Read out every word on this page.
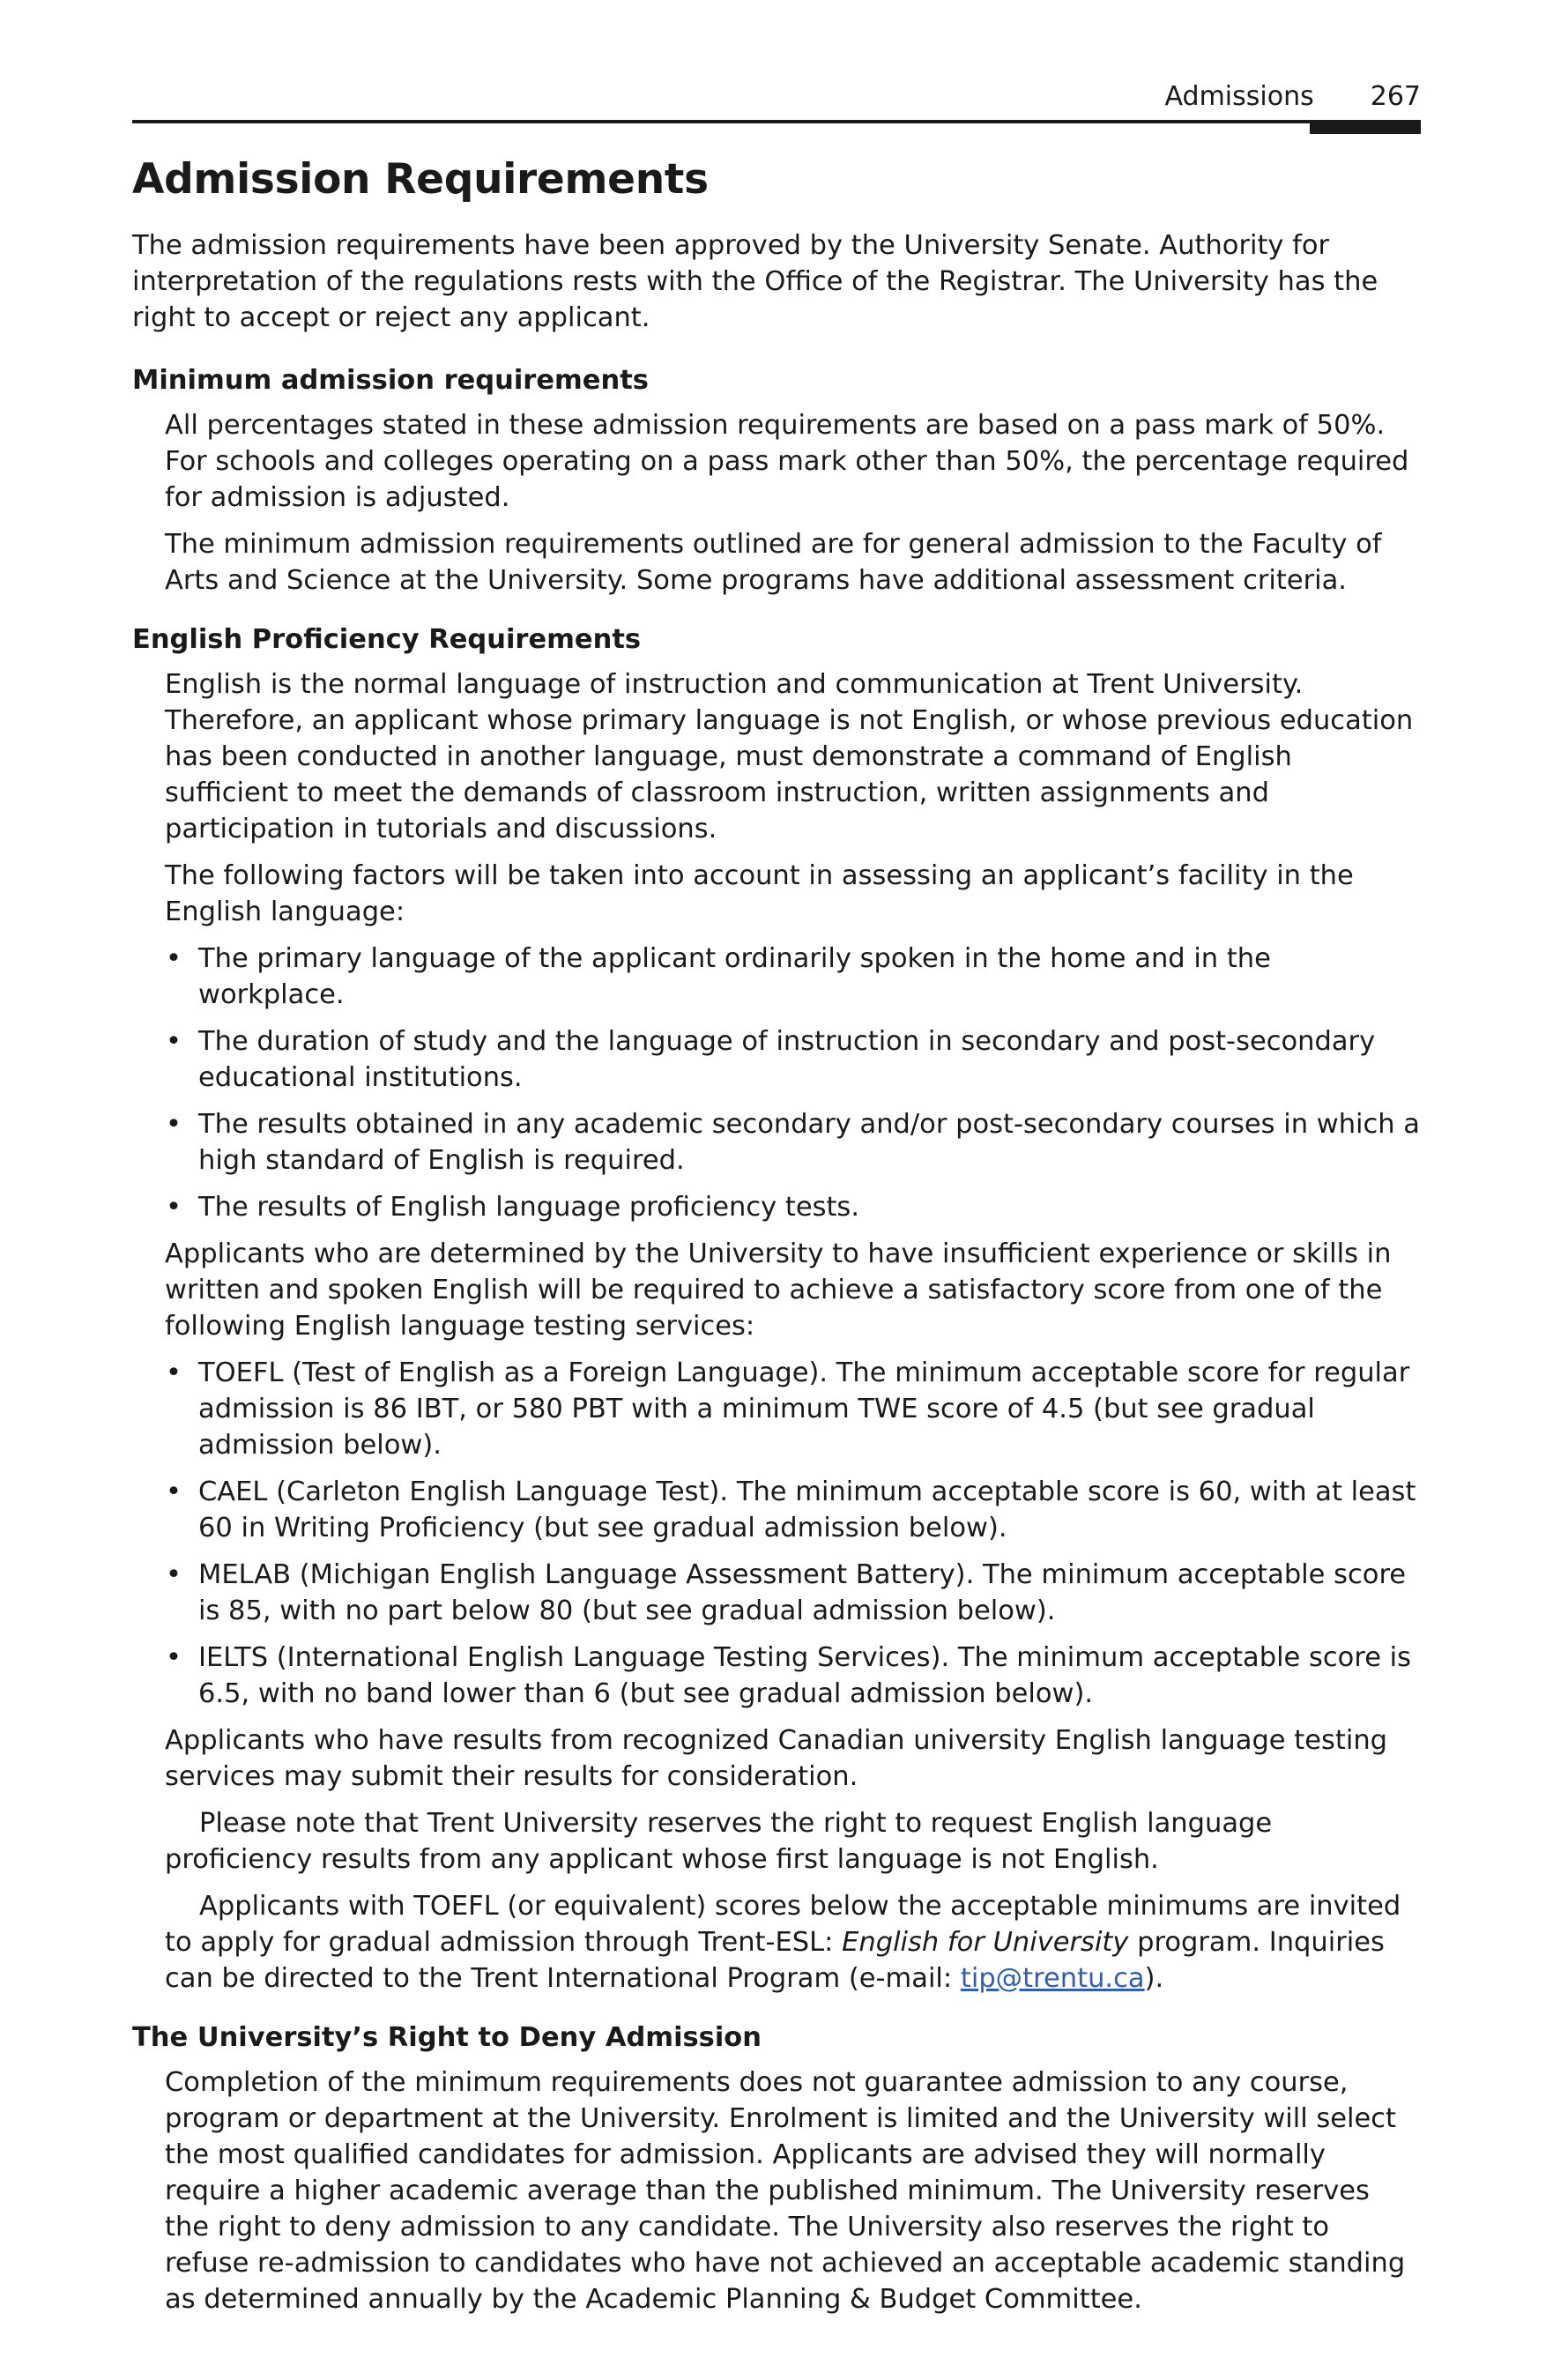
Admissions 267
Admission Requirements

The admission requirements have been approved by the University Senate. Authority for interpretation of the regulations rests with the Office of the Registrar. The University has the right to accept or reject any applicant.

Minimum admission requirements

All percentages stated in these admission requirements are based on a pass mark of 50%. For schools and colleges operating on a pass mark other than 50%, the percentage required for admission is adjusted.

The minimum admission requirements outlined are for general admission to the Faculty of Arts and Science at the University. Some programs have additional assessment criteria.

English Proficiency Requirements

English is the normal language of instruction and communication at Trent University. Therefore, an applicant whose primary language is not English, or whose previous education has been conducted in another language, must demonstrate a command of English sufficient to meet the demands of classroom instruction, written assignments and participation in tutorials and discussions.

The following factors will be taken into account in assessing an applicant’s facility in the English language:

• The primary language of the applicant ordinarily spoken in the home and in the workplace.
• The duration of study and the language of instruction in secondary and post-secondary educational institutions.
• The results obtained in any academic secondary and/or post-secondary courses in which a high standard of English is required.
• The results of English language proficiency tests.

Applicants who are determined by the University to have insufficient experience or skills in written and spoken English will be required to achieve a satisfactory score from one of the following English language testing services:

• TOEFL (Test of English as a Foreign Language). The minimum acceptable score for regular admission is 86 IBT, or 580 PBT with a minimum TWE score of 4.5 (but see gradual admission below).
• CAEL (Carleton English Language Test). The minimum acceptable score is 60, with at least 60 in Writing Proficiency (but see gradual admission below).
• MELAB (Michigan English Language Assessment Battery). The minimum acceptable score is 85, with no part below 80 (but see gradual admission below).
• IELTS (International English Language Testing Services). The minimum acceptable score is 6.5, with no band lower than 6 (but see gradual admission below).

Applicants who have results from recognized Canadian university English language testing services may submit their results for consideration.

Please note that Trent University reserves the right to request English language proficiency results from any applicant whose first language is not English.

Applicants with TOEFL (or equivalent) scores below the acceptable minimums are invited to apply for gradual admission through Trent-ESL: English for University program. Inquiries can be directed to the Trent International Program (e-mail: tip@trentu.ca).

The University’s Right to Deny Admission

Completion of the minimum requirements does not guarantee admission to any course, program or department at the University. Enrolment is limited and the University will select the most qualified candidates for admission. Applicants are advised they will normally require a higher academic average than the published minimum. The University reserves the right to deny admission to any candidate. The University also reserves the right to refuse re-admission to candidates who have not achieved an acceptable academic standing as determined annually by the Academic Planning & Budget Committee.
